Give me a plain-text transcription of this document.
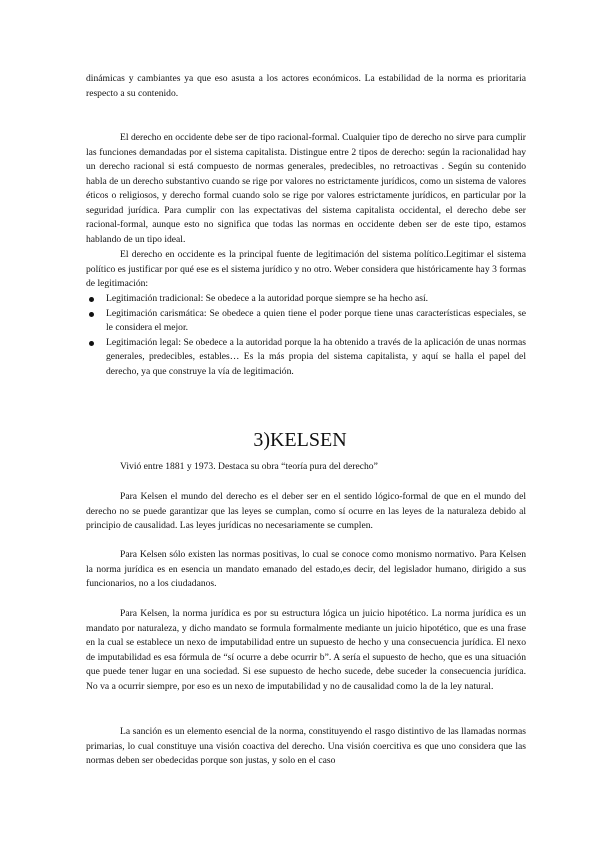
dinámicas y cambiantes ya que eso asusta a los actores económicos. La estabilidad de la norma es prioritaria respecto a su contenido.

El derecho en occidente debe ser de tipo racional-formal. Cualquier tipo de derecho no sirve para cumplir las funciones demandadas por el sistema capitalista. Distingue entre 2 tipos de derecho: según la racionalidad hay un derecho racional si está compuesto de normas generales, predecibles, no retroactivas . Según su contenido habla de un derecho substantivo cuando se rige por valores no estrictamente jurídicos, como un sistema de valores éticos o religiosos, y derecho formal cuando solo se rige por valores estrictamente jurídicos, en particular por la seguridad jurídica. Para cumplir con las expectativas del sistema capitalista occidental, el derecho debe ser racional-formal, aunque esto no significa que todas las normas en occidente deben ser de este tipo, estamos hablando de un tipo ideal.

El derecho en occidente es la principal fuente de legitimación del sistema político.Legitimar el sistema político es justificar por qué ese es el sistema jurídico y no otro. Weber considera que históricamente hay 3 formas de legitimación:

Legitimación tradicional: Se obedece a la autoridad porque siempre se ha hecho así.
Legitimación carismática: Se obedece a quien tiene el poder porque tiene unas características especiales, se le considera el mejor.
Legitimación legal: Se obedece a la autoridad porque la ha obtenido a través de la aplicación de unas normas generales, predecibles, estables… Es la más propia del sistema capitalista, y aquí se halla el papel del derecho, ya que construye la vía de legitimación.
3)KELSEN

Vivió entre 1881 y 1973. Destaca su obra “teoría pura del derecho”

Para Kelsen el mundo del derecho es el deber ser en el sentido lógico-formal de que en el mundo del derecho no se puede garantizar que las leyes se cumplan, como sí ocurre en las leyes de la naturaleza debido al principio de causalidad. Las leyes jurídicas no necesariamente se cumplen.

Para Kelsen sólo existen las normas positivas, lo cual se conoce como monismo normativo. Para Kelsen la norma jurídica es en esencia un mandato emanado del estado,es decir, del legislador humano, dirigido a sus funcionarios, no a los ciudadanos.

Para Kelsen, la norma jurídica es por su estructura lógica un juicio hipotético. La norma jurídica es un mandato por naturaleza, y dicho mandato se formula formalmente mediante un juicio hipotético, que es una frase en la cual se establece un nexo de imputabilidad entre un supuesto de hecho y una consecuencia jurídica. El nexo de imputabilidad es esa fórmula de “sí ocurre a debe ocurrir b”. A sería el supuesto de hecho, que es una situación que puede tener lugar en una sociedad. Si ese supuesto de hecho sucede, debe suceder la consecuencia jurídica. No va a ocurrir siempre, por eso es un nexo de imputabilidad y no de causalidad como la de la ley natural.

La sanción es un elemento esencial de la norma, constituyendo el rasgo distintivo de las llamadas normas primarias, lo cual constituye una visión coactiva del derecho. Una visión coercitiva es que uno considera que las normas deben ser obedecidas porque son justas, y solo en el caso
